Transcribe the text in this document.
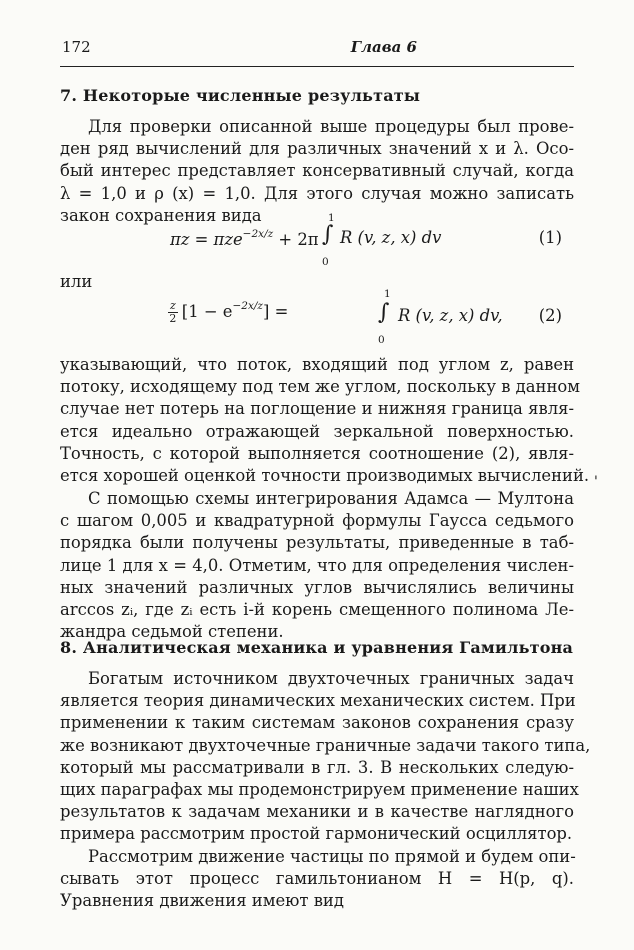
172	Глава 6
7. Некоторые численные результаты
Для проверки описанной выше процедуры был прове-
ден ряд вычислений для различных значений x и λ. Осо-
бый интерес представляет консервативный случай, когда
λ = 1,0 и ρ (x) = 1,0. Для этого случая можно записать
закон сохранения вида
πz = πze$^{-2x/z}$ + 2π ∫
1
0
R (v, z, x) dv	(1)
или
$\frac{z}{2} [1 - e^{-2x/z}]$ =	∫
1
0
R (v, z, x) dv, (2)
указывающий, что поток, входящий под углом z, равен
потоку, исходящему под тем же углом, поскольку в данном
случае нет потерь на поглощение и нижняя граница явля-
ется идеально отражающей зеркальной поверхностью.
Точность, с которой выполняется соотношение (2), явля-
ется хорошей оценкой точности производимых вычислений.
С помощью схемы интегрирования Адамса — Мултона
с шагом 0,005 и квадратурной формулы Гаусса седьмого
порядка были получены результаты, приведенные в таб-
лице 1 для x = 4,0. Отметим, что для определения числен-
ных значений различных углов вычислялись величины
arccos zᵢ, где zᵢ есть i-й корень смещенного полинома Ле-
жандра седьмой степени.
'
8. Аналитическая механика и уравнения Гамильтона
Богатым источником двухточечных граничных задач
является теория динамических механических систем. При
применении к таким системам законов сохранения сразу
же возникают двухточечные граничные задачи такого типа,
который мы рассматривали в гл. 3. В нескольких следую-
щих параграфах мы продемонстрируем применение наших
результатов к задачам механики и в качестве наглядного
примера рассмотрим простой гармонический осциллятор.
Рассмотрим движение частицы по прямой и будем опи-
сывать этот процесс гамильтонианом H = H(p, q).
Уравнения движения имеют вид
